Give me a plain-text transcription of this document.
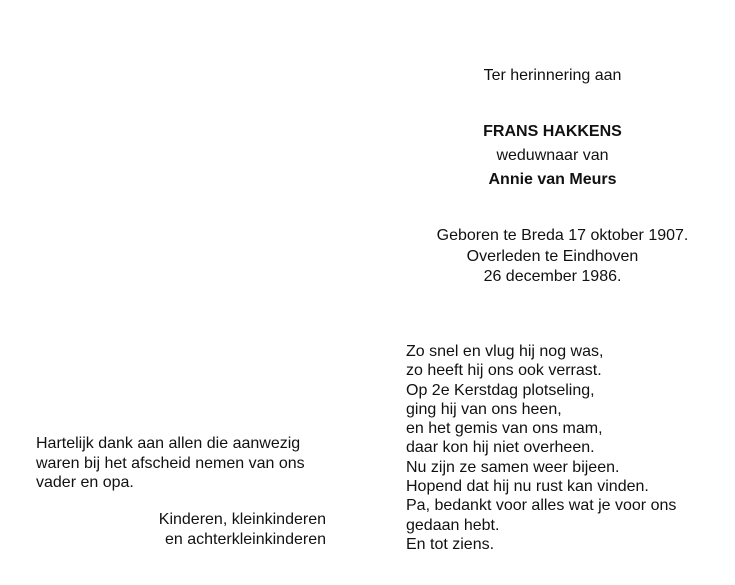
Ter herinnering aan
FRANS HAKKENS
weduwnaar van
Annie van Meurs
Geboren te Breda 17 oktober 1907.
Overleden te Eindhoven
26 december 1986.
Zo snel en vlug hij nog was,
zo heeft hij ons ook verrast.
Op 2e Kerstdag plotseling,
ging hij van ons heen,
en het gemis van ons mam,
daar kon hij niet overheen.
Nu zijn ze samen weer bijeen.
Hopend dat hij nu rust kan vinden.
Pa, bedankt voor alles wat je voor ons
gedaan hebt.
En tot ziens.
Hartelijk dank aan allen die aanwezig
waren bij het afscheid nemen van ons
vader en opa.
Kinderen, kleinkinderen
en achterkleinkinderen
